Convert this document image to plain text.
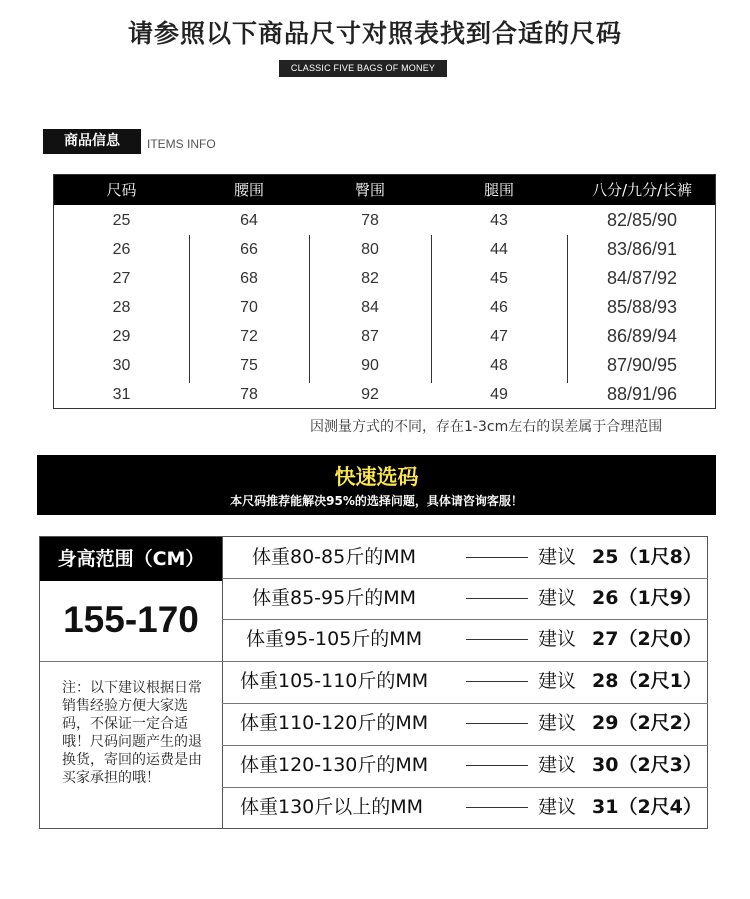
请参照以下商品尺寸对照表找到合适的尺码
CLASSIC FIVE BAGS OF MONEY
商品信息	ITEMS INFO
尺码	腰围	臀围	腿围	八分/九分/长裤
25	64	78	43	82/85/90
26	66	80	44	83/86/91
27	68	82	45	84/87/92
28	70	84	46	85/88/93
29	72	87	47	86/89/94
30	75	90	48	87/90/95
31	78	92	49	88/91/96
因测量方式的不同，存在1-3cm左右的误差属于合理范围
快速选码
本尺码推荐能解决95%的选择问题，具体请咨询客服！
身高范围（CM）
155-170
注：以下建议根据日常销售经验方便大家选码，不保证一定合适哦！尺码问题产生的退换货，寄回的运费是由买家承担的哦！
体重80-85斤的MM	建议 25（1尺8）
体重85-95斤的MM	建议 26（1尺9）
体重95-105斤的MM	建议 27（2尺0）
体重105-110斤的MM	建议 28（2尺1）
体重110-120斤的MM	建议 29（2尺2）
体重120-130斤的MM	建议 30（2尺3）
体重130斤以上的MM	建议 31（2尺4）
